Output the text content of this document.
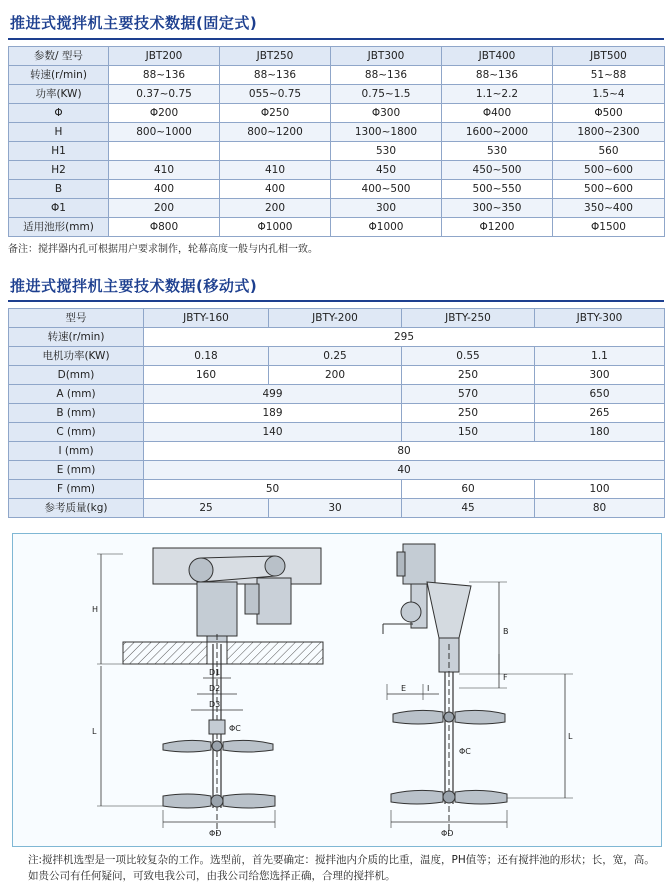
推进式搅拌机主要技术数据(固定式)
参数/ 型号	JBT200	JBT250	JBT300	JBT400	JBT500
转速(r/min)	88~136	88~136	88~136	88~136	51~88
功率(KW)	0.37~0.75	055~0.75	0.75~1.5	1.1~2.2	1.5~4
Φ	Φ200	Φ250	Φ300	Φ400	Φ500
H	800~1000	800~1200	1300~1800	1600~2000	1800~2300
H1			530	530	560
H2	410	410	450	450~500	500~600
B	400	400	400~500	500~550	500~600
Φ1	200	200	300	300~350	350~400
适用池形(mm)	Φ800	Φ1000	Φ1000	Φ1200	Φ1500
备注：搅拌器内孔可根据用户要求制作，轮幕高度一般与内孔相一致。
推进式搅拌机主要技术数据(移动式)
型号	JBTY-160	JBTY-200	JBTY-250	JBTY-300
转速(r/min)	295			
电机功率(KW)	0.18	0.25	0.55	1.1
D(mm)	160	200	250	300
A (mm)	499		570	650
B (mm)	189		250	265
C (mm)	140		150	180
I (mm)	80			
E (mm)	40			
F (mm)	50		60	100
参考质量(kg)	25	30	45	80
H
L
D1
D2
D3
ΦC
ΦD
B
F
E	I
L
ΦC
ΦD
注:搅拌机选型是一项比较复杂的工作。选型前，首先要确定：搅拌池内介质的比重，温度，PH值等；还有搅拌池的形状；长，宽，高。如贵公司有任何疑问，可致电我公司，由我公司给您选择正确，合理的搅拌机。
